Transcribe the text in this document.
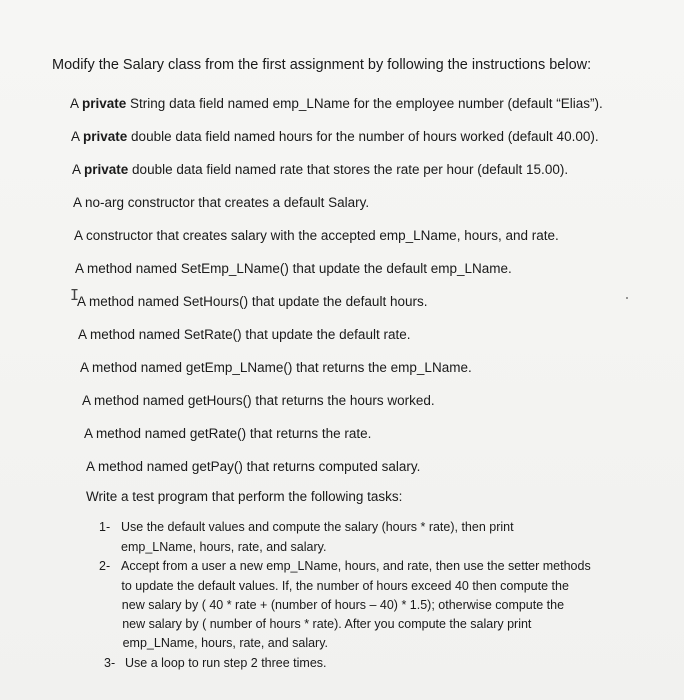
Modify the Salary class from the first assignment by following the instructions below:
A private String data field named emp_LName for the employee number (default “Elias”).
A private double data field named hours for the number of hours worked (default 40.00).
A private double data field named rate that stores the rate per hour (default 15.00).
A no-arg constructor that creates a default Salary.
A constructor that creates salary with the accepted emp_LName, hours, and rate.
A method named SetEmp_LName() that update the default emp_LName.
A method named SetHours() that update the default hours.
A method named SetRate() that update the default rate.
A method named getEmp_LName() that returns the emp_LName.
A method named getHours() that returns the hours worked.
A method named getRate() that returns the rate.
A method named getPay() that returns computed salary.
Write a test program that perform the following tasks:
1- Use the default values and compute the salary (hours * rate), then print
emp_LName, hours, rate, and salary.
2- Accept from a user a new emp_LName, hours, and rate, then use the setter methods
to update the default values. If, the number of hours exceed 40 then compute the
new salary by ( 40 * rate + (number of hours – 40) * 1.5); otherwise compute the
new salary by ( number of hours * rate). After you compute the salary print
emp_LName, hours, rate, and salary.
3- Use a loop to run step 2 three times.
I
